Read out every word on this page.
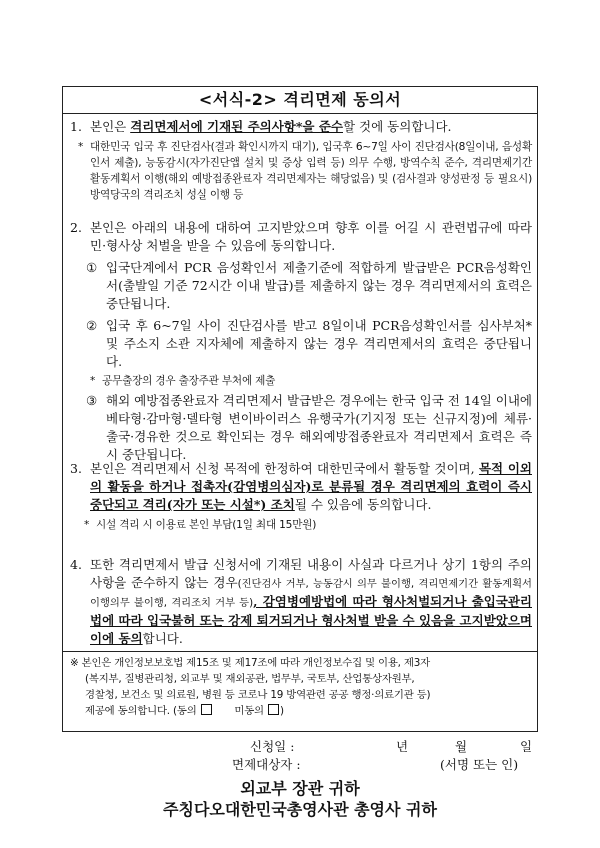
<서식-2> 격리면제 동의서
1. 본인은 격리면제서에 기재된 주의사항*을 준수할 것에 동의합니다.
* 대한민국 입국 후 진단검사(결과 확인시까지 대기), 입국후 6~7일 사이 진단검사(8일이내, 음성확인서 제출), 능동감시(자가진단앱 설치 및 증상 입력 등) 의무 수행, 방역수칙 준수, 격리면제기간 활동계획서 이행(해외 예방접종완료자 격리면제자는 해당없음) 및 (검사결과 양성판정 등 필요시) 방역당국의 격리조치 성실 이행 등
2. 본인은 아래의 내용에 대하여 고지받았으며 향후 이를 어길 시 관련법규에 따라 민·형사상 처벌을 받을 수 있음에 동의합니다.
① 입국단계에서 PCR 음성확인서 제출기준에 적합하게 발급받은 PCR음성확인서(출발일 기준 72시간 이내 발급)를 제출하지 않는 경우 격리면제서의 효력은 중단됩니다.
② 입국 후 6~7일 사이 진단검사를 받고 8일이내 PCR음성확인서를 심사부처* 및 주소지 소관 지자체에 제출하지 않는 경우 격리면제서의 효력은 중단됩니다.
* 공무출장의 경우 출장주관 부처에 제출
③ 해외 예방접종완료자 격리면제서 발급받은 경우에는 한국 입국 전 14일 이내에 베타형·감마형·델타형 변이바이러스 유행국가(기지정 또는 신규지정)에 체류·출국·경유한 것으로 확인되는 경우 해외예방접종완료자 격리면제서 효력은 즉시 중단됩니다.
3. 본인은 격리면제서 신청 목적에 한정하여 대한민국에서 활동할 것이며, 목적 이외의 활동을 하거나 접촉자(감염병의심자)로 분류될 경우 격리면제의 효력이 즉시 중단되고 격리(자가 또는 시설*) 조치될 수 있음에 동의합니다.
* 시설 격리 시 이용료 본인 부담(1일 최대 15만원)
4. 또한 격리면제서 발급 신청서에 기재된 내용이 사실과 다르거나 상기 1항의 주의사항을 준수하지 않는 경우(진단검사 거부, 능동감시 의무 불이행, 격리면제기간 활동계획서 이행의무 불이행, 격리조치 거부 등), 감염병예방법에 따라 형사처벌되거나 출입국관리법에 따라 입국불허 또는 강제 퇴거되거나 형사처벌 받을 수 있음을 고지받았으며 이에 동의합니다.
※ 본인은 개인정보보호법 제15조 및 제17조에 따라 개인정보수집 및 이용, 제3자
(복지부, 질병관리청, 외교부 및 재외공관, 법무부, 국토부, 산업통상자원부,
경찰청, 보건소 및 의료원, 병원 등 코로나 19 방역관련 공공 행정·의료기관 등)
제공에 동의합니다. (동의        미동의 )
신청일 :	년	월	일
면제대상자 :	(서명 또는 인)
외교부 장관 귀하
주칭다오대한민국총영사관 총영사 귀하
